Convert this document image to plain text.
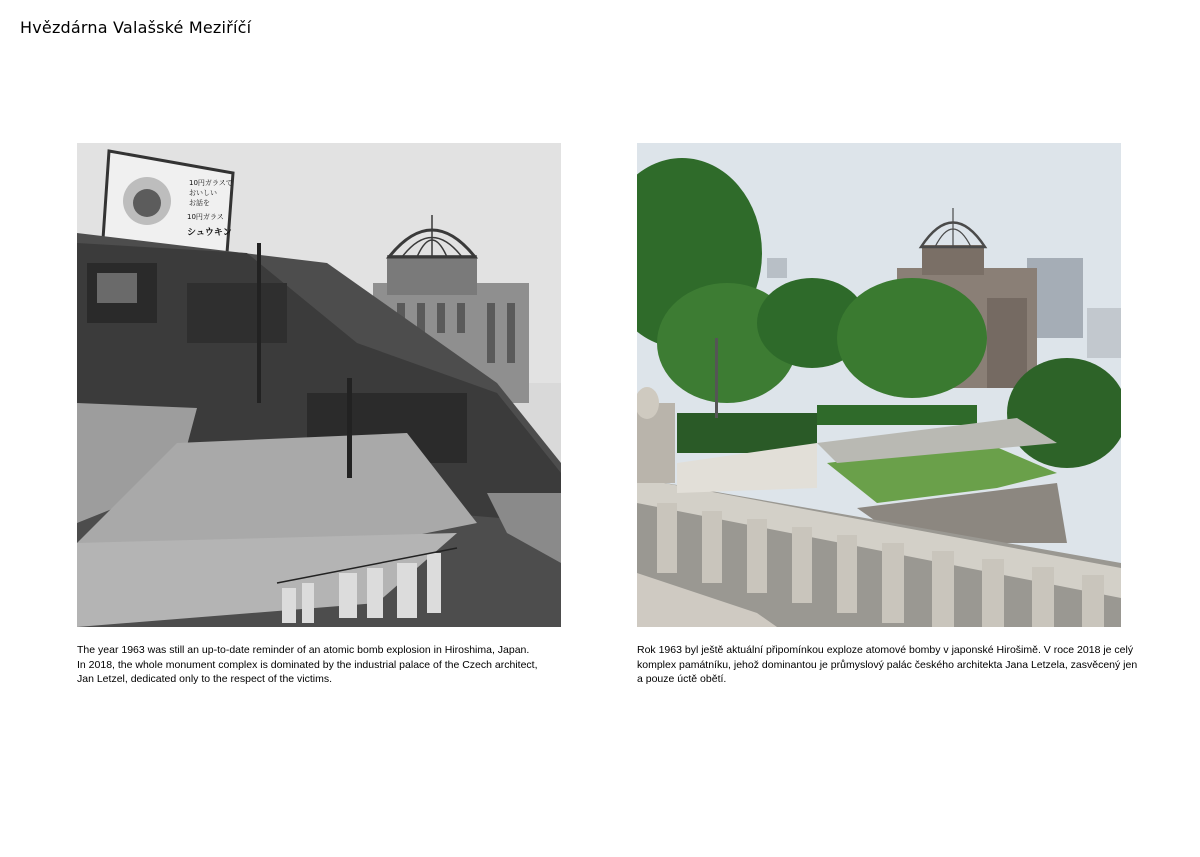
Hvězdárna Valašské Meziříčí
10円ガラスで
おいしい
お話を
10円ガラス
シュウキン
The year 1963 was still an up-to-date reminder of an atomic bomb explosion in Hiroshima, Japan.
In 2018, the whole monument complex is dominated by the industrial palace of the Czech architect,
Jan Letzel, dedicated only to the respect of the victims.
Rok 1963 byl ještě aktuální připomínkou exploze atomové bomby v japonské Hirošimě. V roce 2018 je celý
komplex památníku, jehož dominantou je průmyslový palác českého architekta Jana Letzela, zasvěcený jen
a pouze úctě obětí.
